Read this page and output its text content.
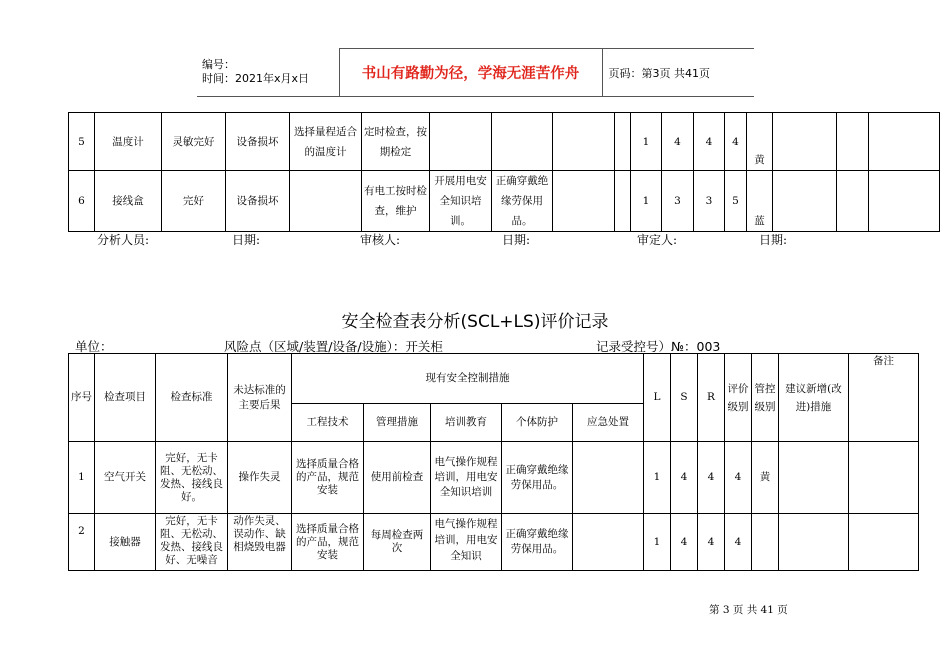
编号：
时间：2021年x月x日	书山有路勤为径，学海无涯苦作舟	页码：第3页 共41页
5	温度计	灵敏完好	设备损坏	选择量程适合的温度计	定时检查，按期检定					1	4	4	4	黄			
6	接线盒	完好	设备损坏		有电工按时检查，维护	开展用电安全知识培训。	正确穿戴绝缘劳保用品。			1	3	3	5	蓝			
分析人员:	日期:	审核人:	日期:	审定人:	日期:
安全检查表分析(SCL+LS)评价记录
单位：	风险点（区域/装置/设备/设施）：开关柜	记录受控号）№：003
序号	检查项目	检查标准	未达标准的主要后果	现有安全控制措施					L	S	R	评价级别	管控级别	建议新增(改进)措施	备注
				工程技术	管理措施	培训教育	个体防护	应急处置							
1	空气开关	完好，无卡阻、无松动、发热、接线良好。	操作失灵	选择质量合格的产品，规范安装	使用前检查	电气操作规程培训，用电安全知识培训	正确穿戴绝缘劳保用品。		1	4	4	4	黄		
2	接触器	完好，无卡阻、无松动、发热、接线良好、无噪音	动作失灵、误动作、缺相烧毁电器	选择质量合格的产品，规范安装	每周检查两次	电气操作规程培训，用电安全知识	正确穿戴绝缘劳保用品。		1	4	4	4			
第 3 页 共 41 页
